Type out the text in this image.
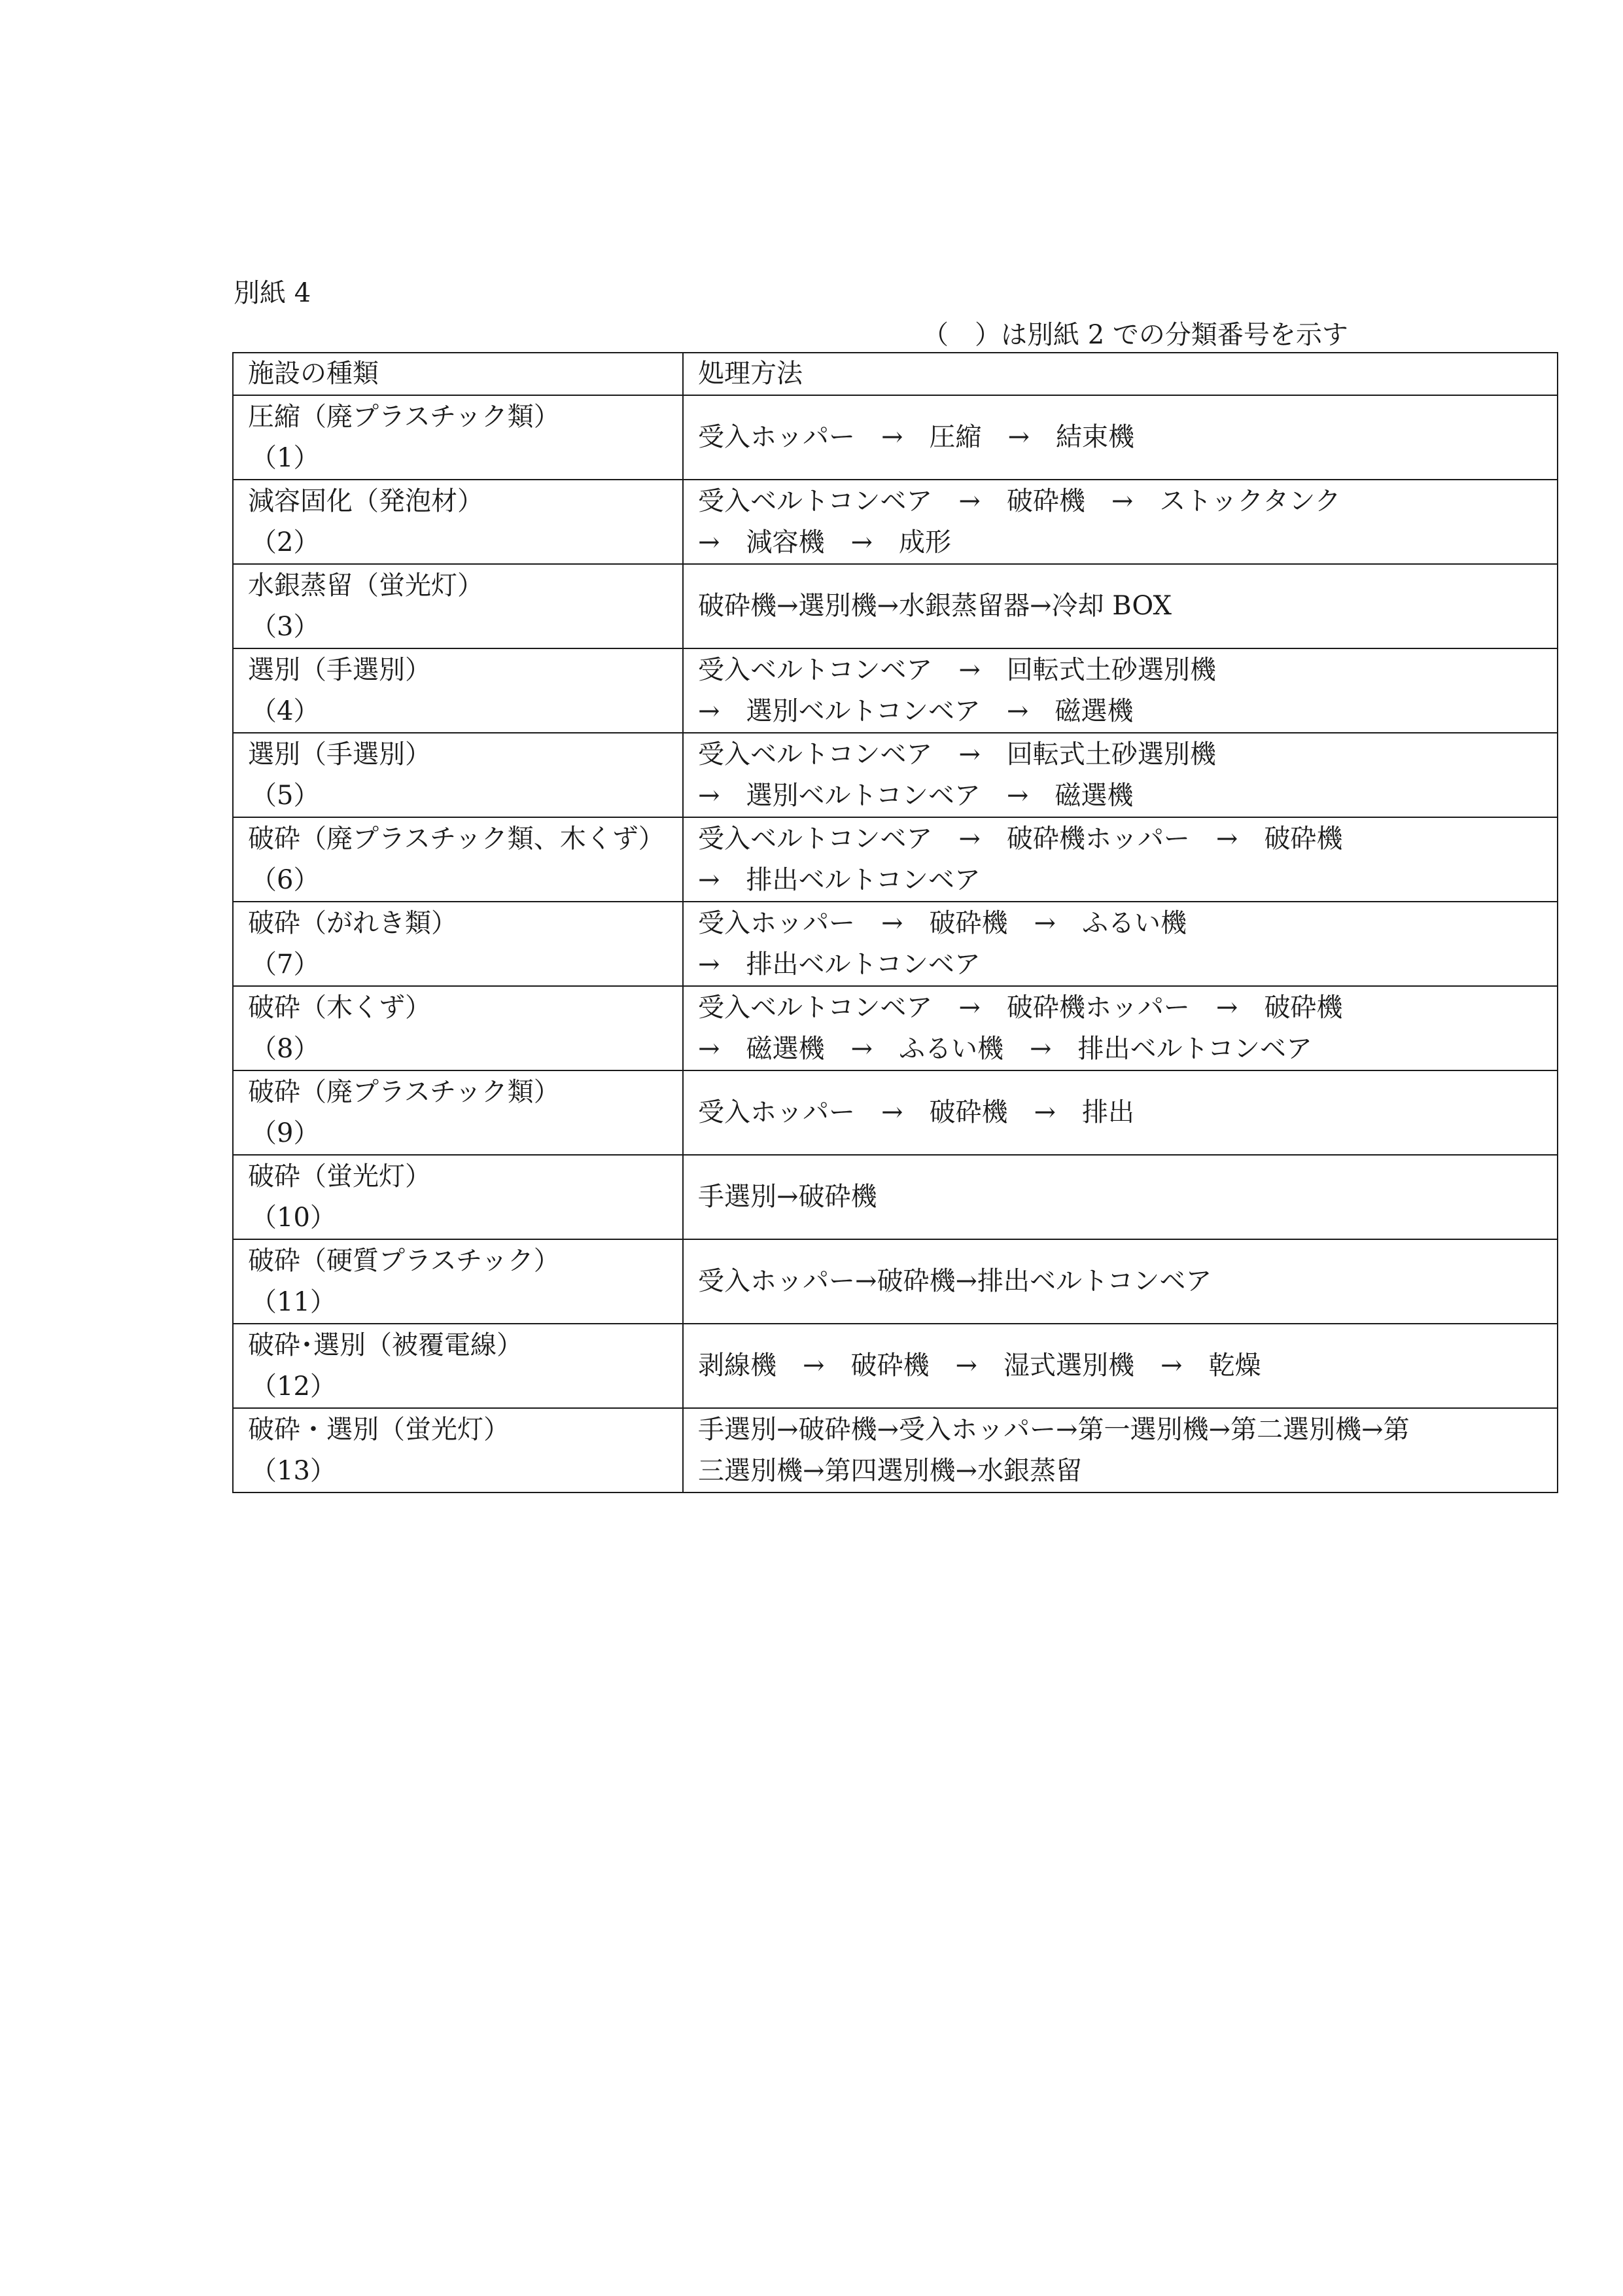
別紙 4
（　）は別紙 2 での分類番号を示す
施設の種類	処理方法

圧縮（廃プラスチック類）
（1）	受入ホッパー　→　圧縮　→　結束機

減容固化（発泡材）
（2）	受入ベルトコンベア　→　破砕機　→　ストックタンク
→　減容機　→　成形

水銀蒸留（蛍光灯）
（3）	破砕機→選別機→水銀蒸留器→冷却 BOX

選別（手選別）
（4）	受入ベルトコンベア　→　回転式土砂選別機
→　選別ベルトコンベア　→　磁選機

選別（手選別）
（5）	受入ベルトコンベア　→　回転式土砂選別機
→　選別ベルトコンベア　→　磁選機

破砕（廃プラスチック類、木くず）
（6）	受入ベルトコンベア　→　破砕機ホッパー　→　破砕機
→　排出ベルトコンベア

破砕（がれき類）
（7）	受入ホッパー　→　破砕機　→　ふるい機
→　排出ベルトコンベア

破砕（木くず）
（8）	受入ベルトコンベア　→　破砕機ホッパー　→　破砕機
→　磁選機　→　ふるい機　→　排出ベルトコンベア

破砕（廃プラスチック類）
（9）	受入ホッパー　→　破砕機　→　排出

破砕（蛍光灯）
（10）	手選別→破砕機

破砕（硬質プラスチック）
（11）	受入ホッパー→破砕機→排出ベルトコンベア

破砕･選別（被覆電線）
（12）	剥線機　→　破砕機　→　湿式選別機　→　乾燥

破砕・選別（蛍光灯）
（13）	手選別→破砕機→受入ホッパー→第一選別機→第二選別機→第
三選別機→第四選別機→水銀蒸留
